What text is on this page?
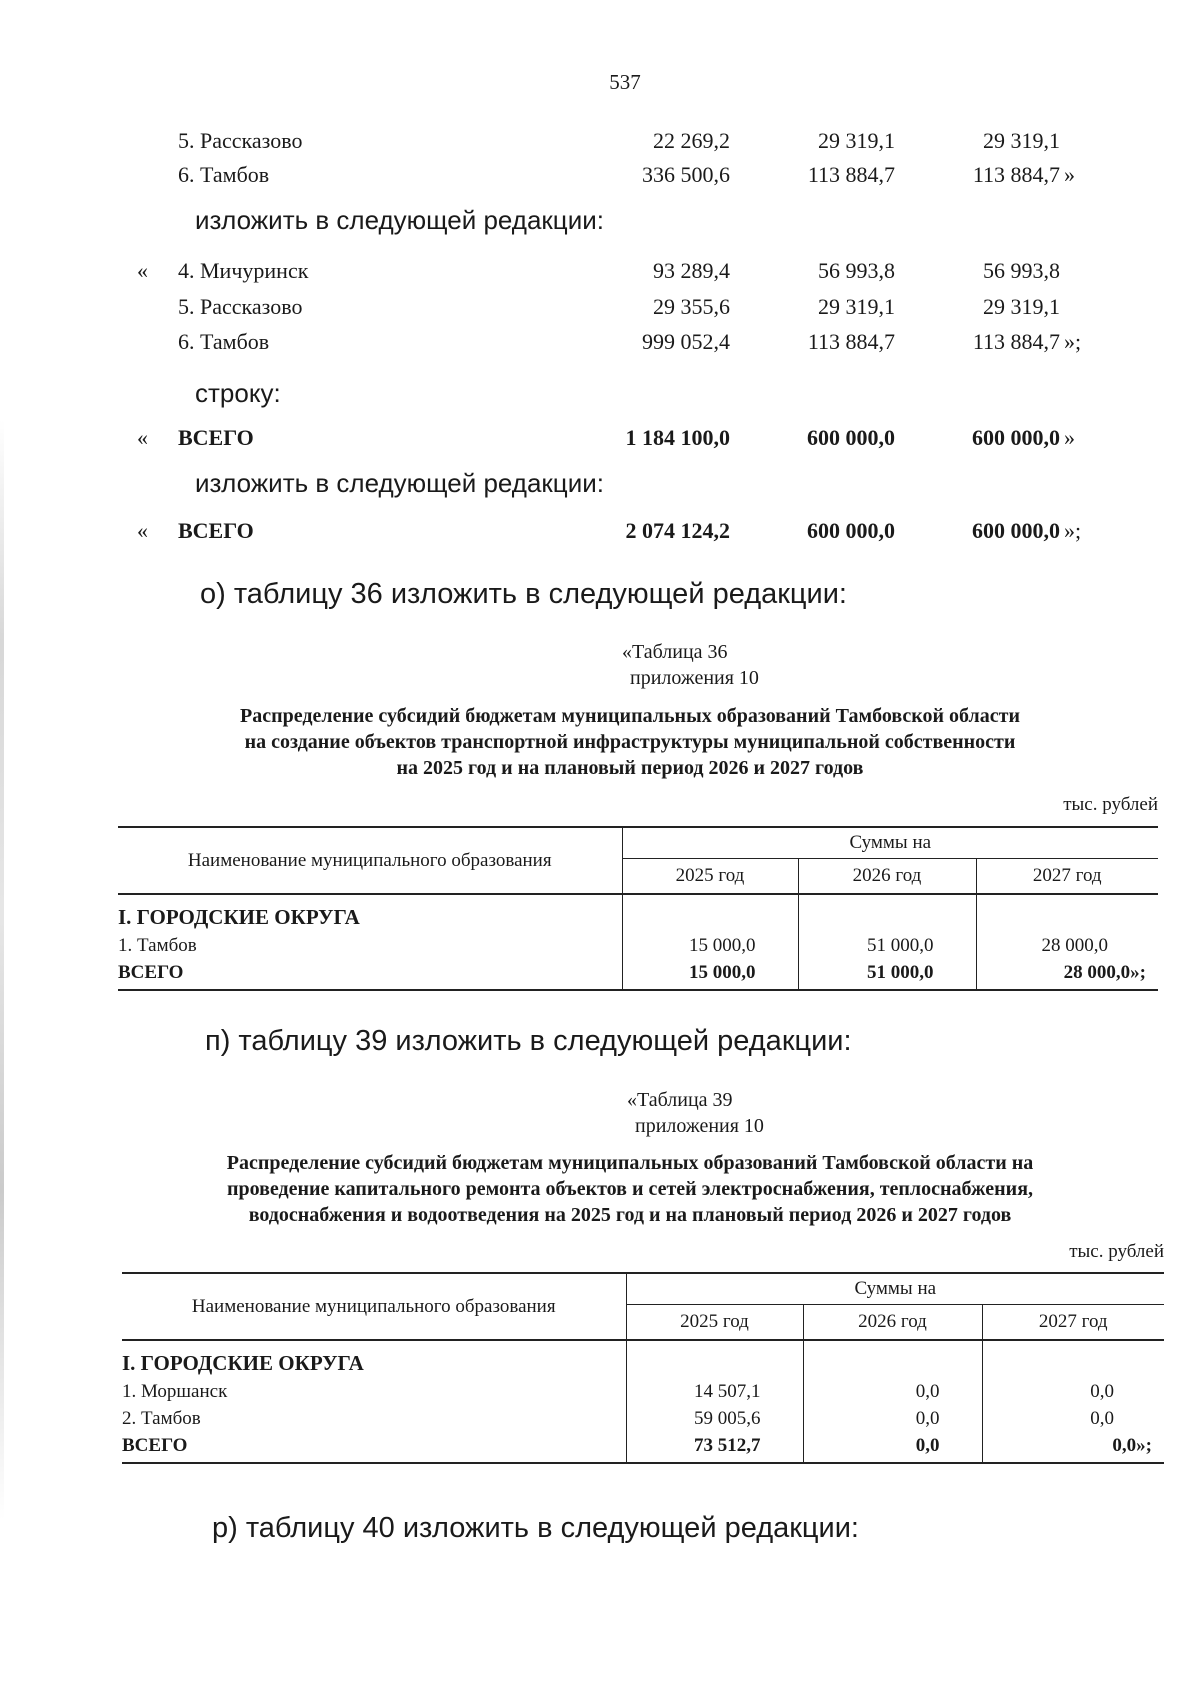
537
5. Рассказово	22 269,2	29 319,1	29 319,1
6. Тамбов	336 500,6	113 884,7	113 884,7 »
изложить в следующей редакции:
« 4. Мичуринск	93 289,4	56 993,8	56 993,8
5. Рассказово	29 355,6	29 319,1	29 319,1
6. Тамбов	999 052,4	113 884,7	113 884,7 »;
строку:
« ВСЕГО	1 184 100,0	600 000,0	600 000,0 »
изложить в следующей редакции:
« ВСЕГО	2 074 124,2	600 000,0	600 000,0 »;
о) таблицу 36 изложить в следующей редакции:
«Таблица 36
приложения 10
Распределение субсидий бюджетам муниципальных образований Тамбовской области
на создание объектов транспортной инфраструктуры муниципальной собственности
на 2025 год и на плановый период 2026 и 2027 годов
тыс. рублей
Наименование муниципального образования	Суммы на		
	2025 год	2026 год	2027 год
I. ГОРОДСКИЕ ОКРУГА			
1. Тамбов	15 000,0	51 000,0	28 000,0
ВСЕГО	15 000,0	51 000,0	28 000,0»;
п) таблицу 39 изложить в следующей редакции:
«Таблица 39
приложения 10
Распределение субсидий бюджетам муниципальных образований Тамбовской области на
проведение капитального ремонта объектов и сетей электроснабжения, теплоснабжения,
водоснабжения и водоотведения на 2025 год и на плановый период 2026 и 2027 годов
тыс. рублей
Наименование муниципального образования	Суммы на		
	2025 год	2026 год	2027 год
I. ГОРОДСКИЕ ОКРУГА			
1. Моршанск	14 507,1	0,0	0,0
2. Тамбов	59 005,6	0,0	0,0
ВСЕГО	73 512,7	0,0	0,0»;
р) таблицу 40 изложить в следующей редакции:
